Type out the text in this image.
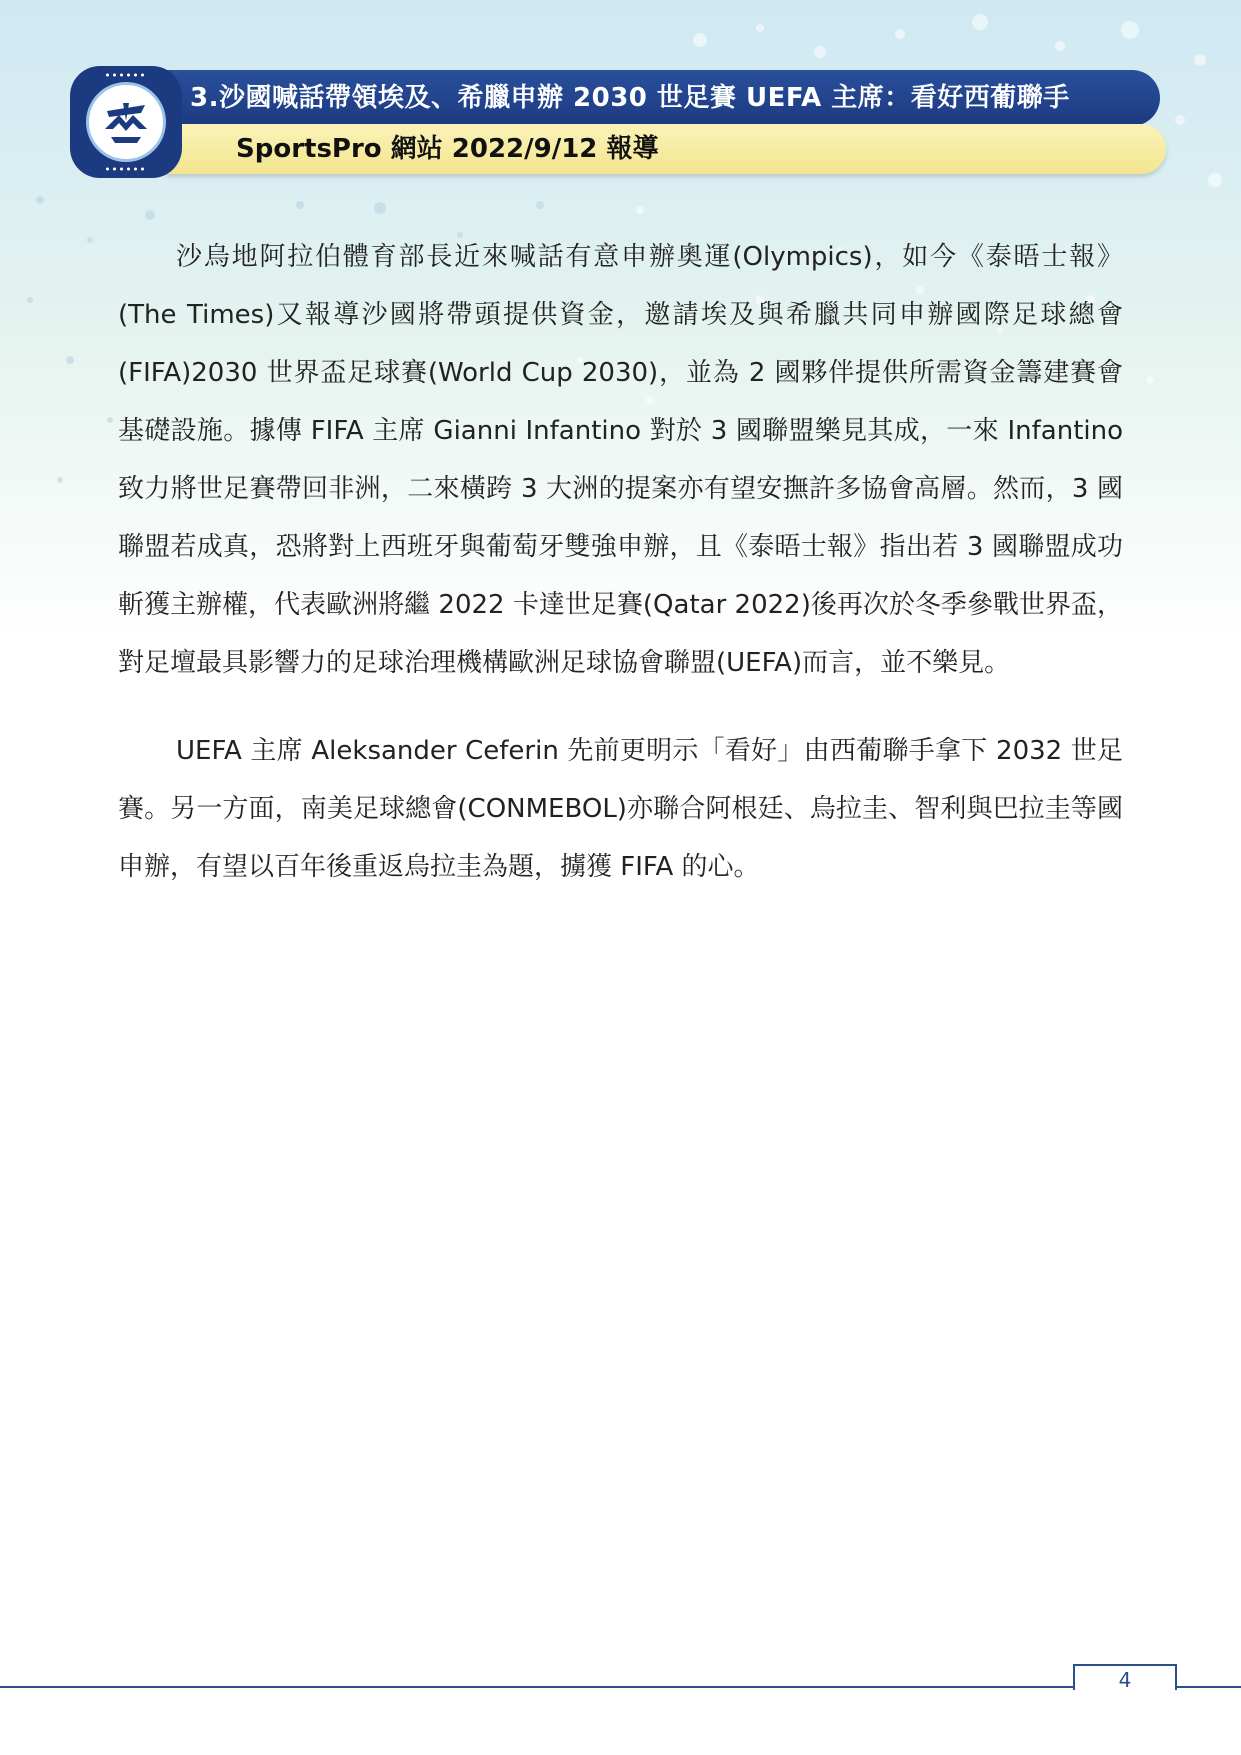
3.沙國喊話帶領埃及、希臘申辦 2030 世足賽 UEFA 主席：看好西葡聯手
SportsPro 網站 2022/9/12 報導

沙烏地阿拉伯體育部長近來喊話有意申辦奧運(Olympics)，如今《泰晤士報》(The Times)又報導沙國將帶頭提供資金，邀請埃及與希臘共同申辦國際足球總會(FIFA)2030 世界盃足球賽(World Cup 2030)，並為 2 國夥伴提供所需資金籌建賽會基礎設施。據傳 FIFA 主席 Gianni Infantino 對於 3 國聯盟樂見其成，一來 Infantino 致力將世足賽帶回非洲，二來橫跨 3 大洲的提案亦有望安撫許多協會高層。然而，3 國聯盟若成真，恐將對上西班牙與葡萄牙雙強申辦，且《泰晤士報》指出若 3 國聯盟成功斬獲主辦權，代表歐洲將繼 2022 卡達世足賽(Qatar 2022)後再次於冬季參戰世界盃，對足壇最具影響力的足球治理機構歐洲足球協會聯盟(UEFA)而言，並不樂見。

UEFA 主席 Aleksander Ceferin 先前更明示「看好」由西葡聯手拿下 2032 世足賽。另一方面，南美足球總會(CONMEBOL)亦聯合阿根廷、烏拉圭、智利與巴拉圭等國申辦，有望以百年後重返烏拉圭為題，擄獲 FIFA 的心。

4
